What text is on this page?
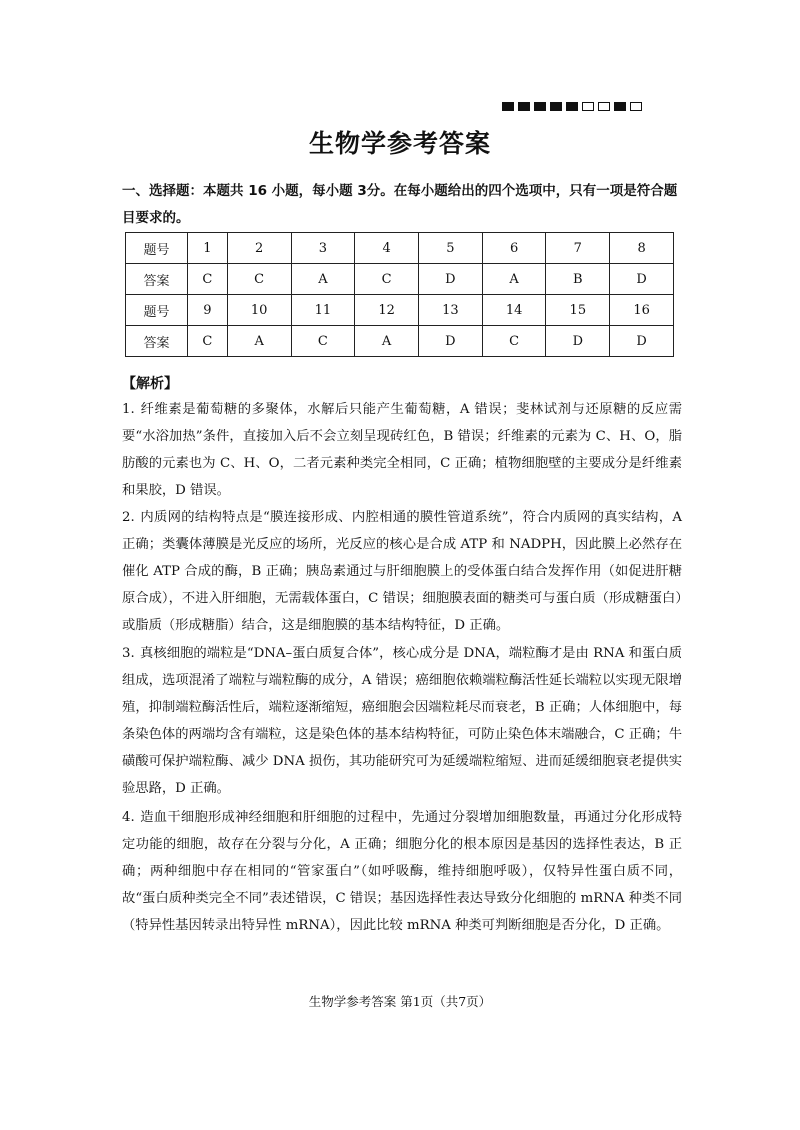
生物学参考答案
一、选择题：本题共 16 小题，每小题 3分。在每小题给出的四个选项中，只有一项是符合题目要求的。
题号	1	2	3	4	5	6	7	8
答案	C	C	A	C	D	A	B	D
题号	9	10	11	12	13	14	15	16
答案	C	A	C	A	D	C	D	D
【解析】
1. 纤维素是葡萄糖的多聚体，水解后只能产生葡萄糖，A 错误；斐林试剂与还原糖的反应需要“水浴加热”条件，直接加入后不会立刻呈现砖红色，B 错误；纤维素的元素为 C、H、O，脂肪酸的元素也为 C、H、O，二者元素种类完全相同，C 正确；植物细胞壁的主要成分是纤维素和果胶，D 错误。
2. 内质网的结构特点是“膜连接形成、内腔相通的膜性管道系统”，符合内质网的真实结构，A 正确；类囊体薄膜是光反应的场所，光反应的核心是合成 ATP 和 NADPH，因此膜上必然存在催化 ATP 合成的酶，B 正确；胰岛素通过与肝细胞膜上的受体蛋白结合发挥作用（如促进肝糖原合成），不进入肝细胞，无需载体蛋白，C 错误；细胞膜表面的糖类可与蛋白质（形成糖蛋白）或脂质（形成糖脂）结合，这是细胞膜的基本结构特征，D 正确。
3. 真核细胞的端粒是“DNA–蛋白质复合体”，核心成分是 DNA，端粒酶才是由 RNA 和蛋白质组成，选项混淆了端粒与端粒酶的成分，A 错误；癌细胞依赖端粒酶活性延长端粒以实现无限增殖，抑制端粒酶活性后，端粒逐渐缩短，癌细胞会因端粒耗尽而衰老，B 正确；人体细胞中，每条染色体的两端均含有端粒，这是染色体的基本结构特征，可防止染色体末端融合，C 正确；牛磺酸可保护端粒酶、减少 DNA 损伤，其功能研究可为延缓端粒缩短、进而延缓细胞衰老提供实验思路，D 正确。
4. 造血干细胞形成神经细胞和肝细胞的过程中，先通过分裂增加细胞数量，再通过分化形成特定功能的细胞，故存在分裂与分化，A 正确；细胞分化的根本原因是基因的选择性表达，B 正确；两种细胞中存在相同的“管家蛋白”（如呼吸酶，维持细胞呼吸），仅特异性蛋白质不同，故“蛋白质种类完全不同”表述错误，C 错误；基因选择性表达导致分化细胞的 mRNA 种类不同（特异性基因转录出特异性 mRNA），因此比较 mRNA 种类可判断细胞是否分化，D 正确。
生物学参考答案 第1页（共7页）
